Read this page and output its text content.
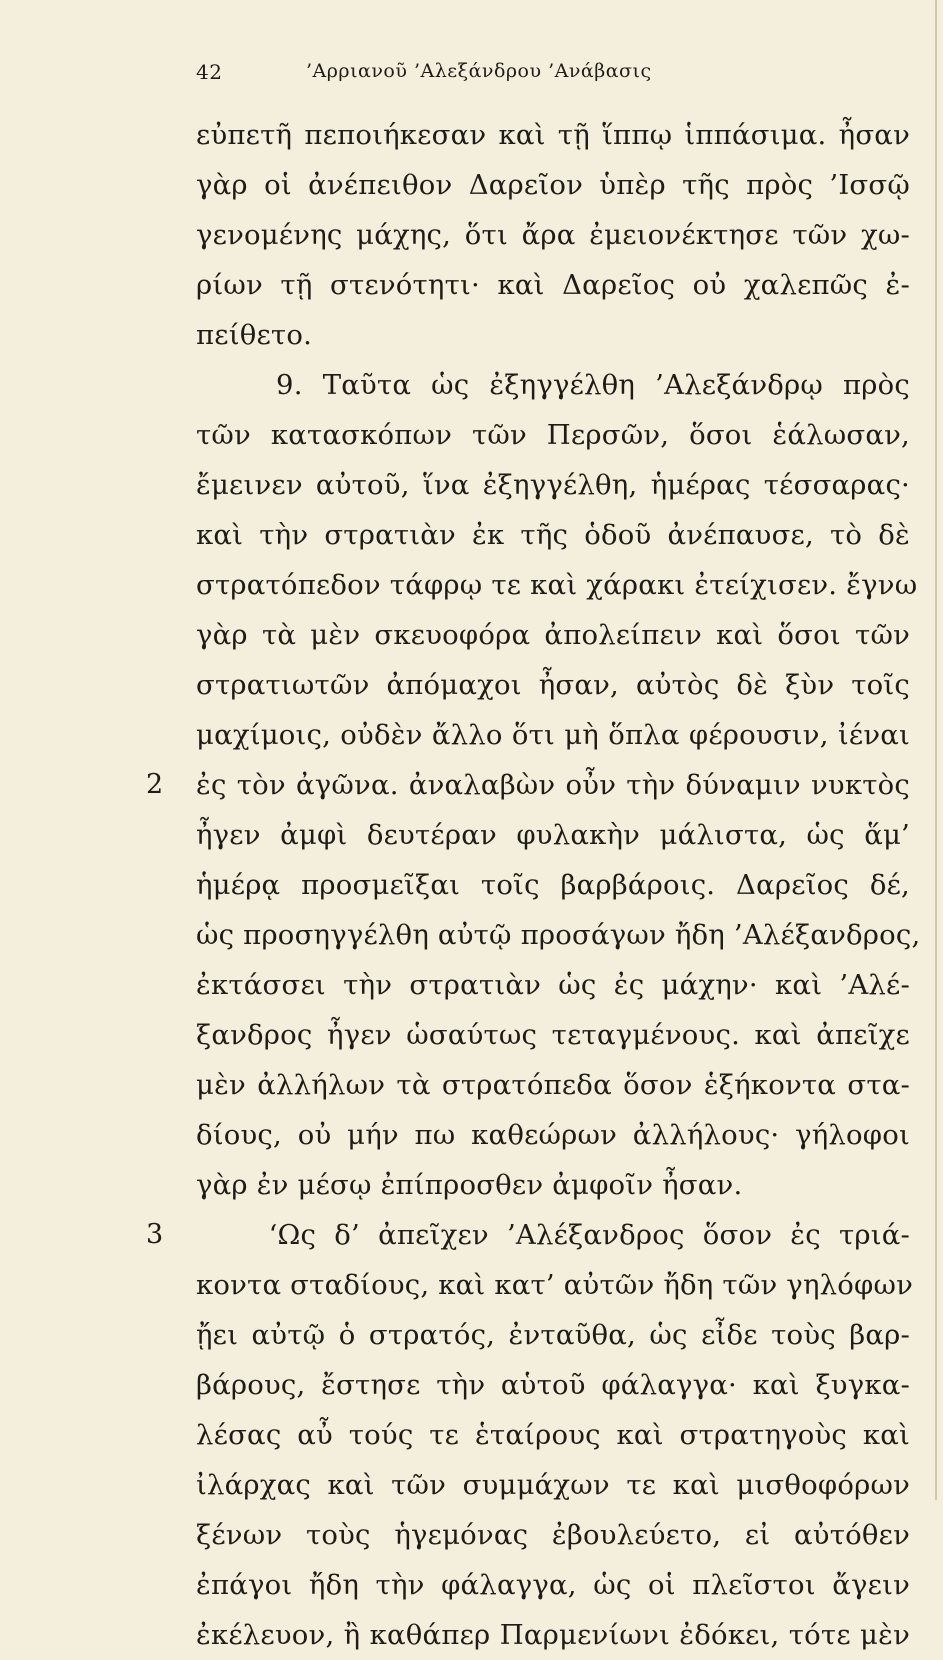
42	’Αρριανοῦ ’Αλεξάνδρου ’Ανάβασις
εὐπετῆ πεποιήκεσαν καὶ τῇ ἵππῳ ἱππάσιμα. ἦσαν
γὰρ οἱ ἀνέπειθον Δαρεῖον ὑπὲρ τῆς πρὸς ’Ισσῷ
γενομένης μάχης, ὅτι ἄρα ἐμειονέκτησε τῶν χω-
ρίων τῇ στενότητι· καὶ Δαρεῖος οὐ χαλεπῶς ἐ-
πείθετο.
9. Ταῦτα ὡς ἐξηγγέλθη ’Αλεξάνδρῳ πρὸς
τῶν κατασκόπων τῶν Περσῶν, ὅσοι ἑάλωσαν,
ἔμεινεν αὐτοῦ, ἵνα ἐξηγγέλθη, ἡμέρας τέσσαρας·
καὶ τὴν στρατιὰν ἐκ τῆς ὁδοῦ ἀνέπαυσε, τὸ δὲ
στρατόπεδον τάφρῳ τε καὶ χάρακι ἐτείχισεν. ἔγνω
γὰρ τὰ μὲν σκευοφόρα ἀπολείπειν καὶ ὅσοι τῶν
στρατιωτῶν ἀπόμαχοι ἦσαν, αὐτὸς δὲ ξὺν τοῖς
μαχίμοις, οὐδὲν ἄλλο ὅτι μὴ ὅπλα φέρουσιν, ἰέναι
2	ἐς τὸν ἀγῶνα. ἀναλαβὼν οὖν τὴν δύναμιν νυκτὸς
ἦγεν ἀμφὶ δευτέραν φυλακὴν μάλιστα, ὡς ἅμ’
ἡμέρᾳ προσμεῖξαι τοῖς βαρβάροις. Δαρεῖος δέ,
ὡς προσηγγέλθη αὐτῷ προσάγων ἤδη ’Αλέξανδρος,
ἐκτάσσει τὴν στρατιὰν ὡς ἐς μάχην· καὶ ’Αλέ-
ξανδρος ἦγεν ὡσαύτως τεταγμένους. καὶ ἀπεῖχε
μὲν ἀλλήλων τὰ στρατόπεδα ὅσον ἑξήκοντα στα-
δίους, οὐ μήν πω καθεώρων ἀλλήλους· γήλοφοι
γὰρ ἐν μέσῳ ἐπίπροσθεν ἀμφοῖν ἦσαν.
3	‘Ως δ’ ἀπεῖχεν ’Αλέξανδρος ὅσον ἐς τριά-
κοντα σταδίους, καὶ κατ’ αὐτῶν ἤδη τῶν γηλόφων
ᾔει αὐτῷ ὁ στρατός, ἐνταῦθα, ὡς εἶδε τοὺς βαρ-
βάρους, ἔστησε τὴν αὑτοῦ φάλαγγα· καὶ ξυγκα-
λέσας αὖ τούς τε ἑταίρους καὶ στρατηγοὺς καὶ
ἰλάρχας καὶ τῶν συμμάχων τε καὶ μισθοφόρων
ξένων τοὺς ἡγεμόνας ἐβουλεύετο, εἰ αὐτόθεν
ἐπάγοι ἤδη τὴν φάλαγγα, ὡς οἱ πλεῖστοι ἄγειν
ἐκέλευον, ἢ καθάπερ Παρμενίωνι ἐδόκει, τότε μὲν
